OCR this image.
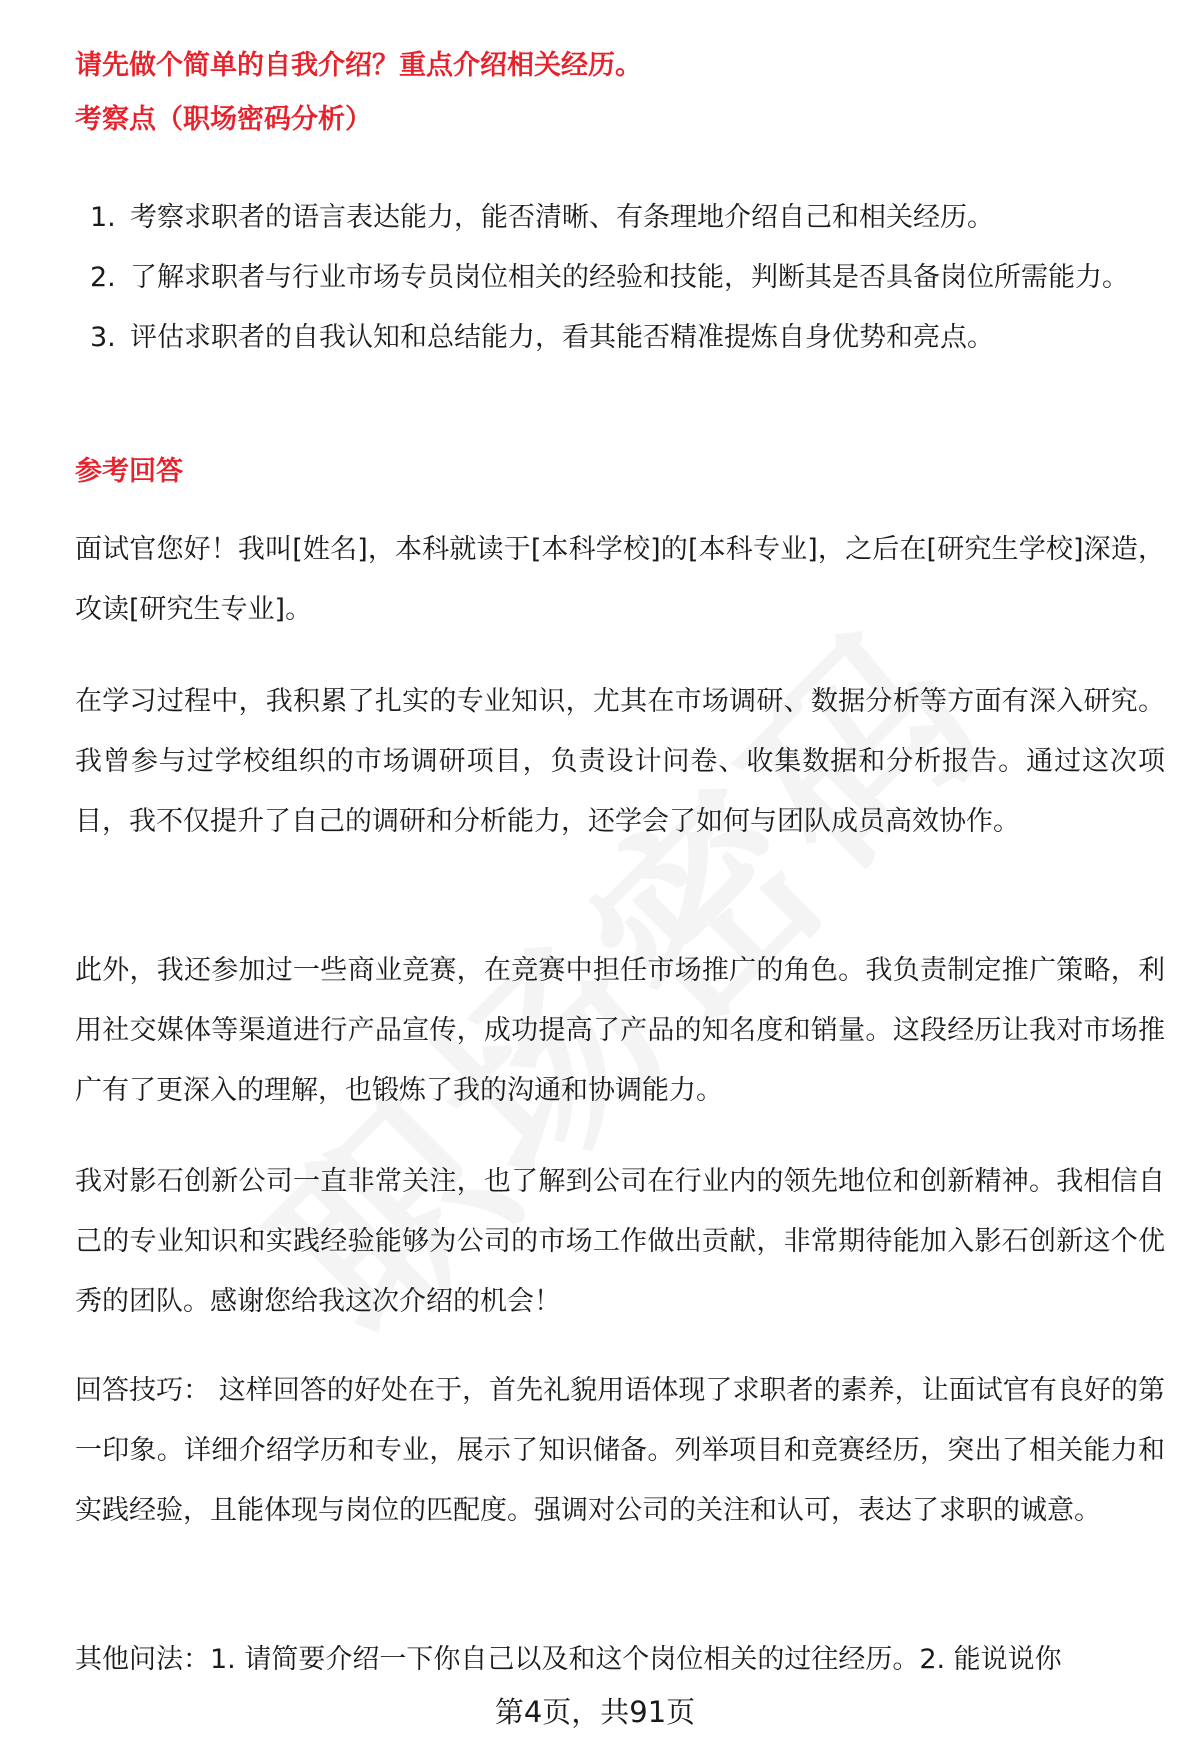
请先做个简单的自我介绍？重点介绍相关经历。
考察点（职场密码分析）
1. 考察求职者的语言表达能力，能否清晰、有条理地介绍自己和相关经历。
2. 了解求职者与行业市场专员岗位相关的经验和技能，判断其是否具备岗位所需能力。
3. 评估求职者的自我认知和总结能力，看其能否精准提炼自身优势和亮点。
参考回答

面试官您好！我叫[姓名]，本科就读于[本科学校]的[本科专业]，之后在[研究生学校]深造，攻读[研究生专业]。

在学习过程中，我积累了扎实的专业知识，尤其在市场调研、数据分析等方面有深入研究。我曾参与过学校组织的市场调研项目，负责设计问卷、收集数据和分析报告。通过这次项目，我不仅提升了自己的调研和分析能力，还学会了如何与团队成员高效协作。

此外，我还参加过一些商业竞赛，在竞赛中担任市场推广的角色。我负责制定推广策略，利用社交媒体等渠道进行产品宣传，成功提高了产品的知名度和销量。这段经历让我对市场推广有了更深入的理解，也锻炼了我的沟通和协调能力。

我对影石创新公司一直非常关注，也了解到公司在行业内的领先地位和创新精神。我相信自己的专业知识和实践经验能够为公司的市场工作做出贡献，非常期待能加入影石创新这个优秀的团队。感谢您给我这次介绍的机会！

回答技巧： 这样回答的好处在于，首先礼貌用语体现了求职者的素养，让面试官有良好的第一印象。详细介绍学历和专业，展示了知识储备。列举项目和竞赛经历，突出了相关能力和实践经验，且能体现与岗位的匹配度。强调对公司的关注和认可，表达了求职的诚意。

其他问法：1. 请简要介绍一下你自己以及和这个岗位相关的过往经历。2. 能说说你

第4页，共91页
